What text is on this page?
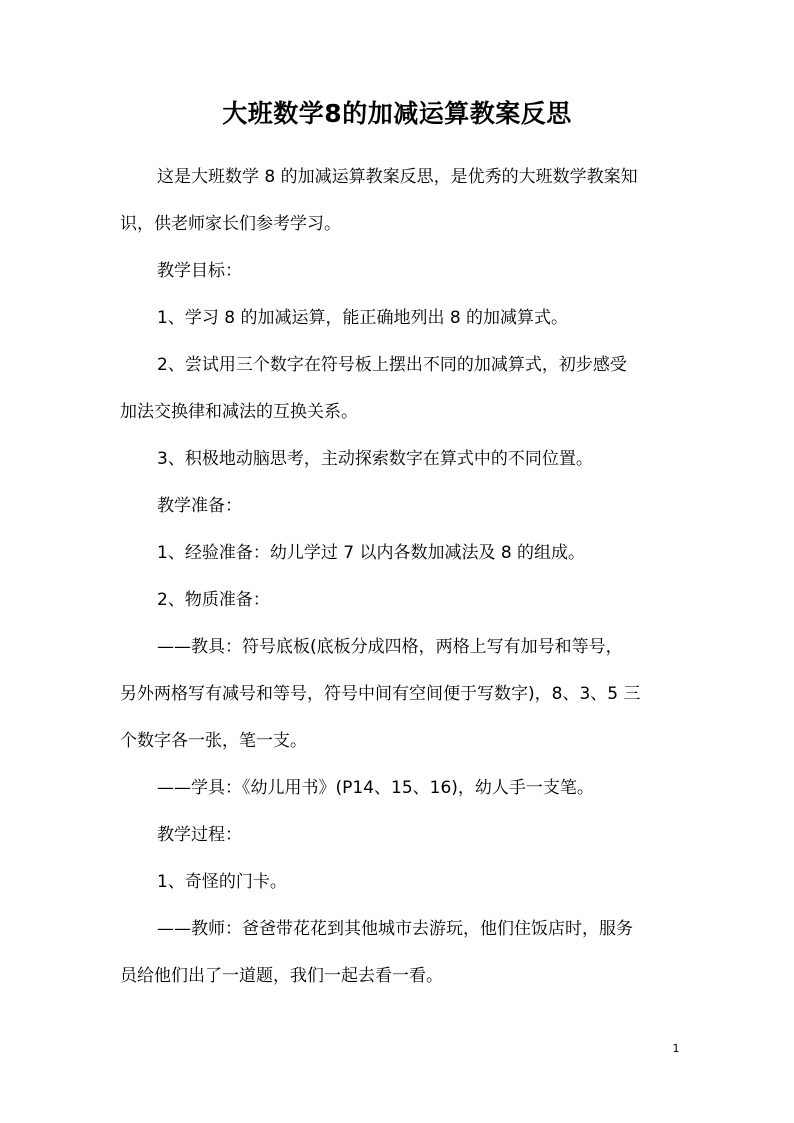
大班数学8的加减运算教案反思

这是大班数学 8 的加减运算教案反思，是优秀的大班数学教案知
识，供老师家长们参考学习。

教学目标：

1、学习 8 的加减运算，能正确地列出 8 的加减算式。

2、尝试用三个数字在符号板上摆出不同的加减算式，初步感受
加法交换律和减法的互换关系。

3、积极地动脑思考，主动探索数字在算式中的不同位置。

教学准备：

1、经验准备：幼儿学过 7 以内各数加减法及 8 的组成。

2、物质准备：

——教具：符号底板(底板分成四格，两格上写有加号和等号，
另外两格写有减号和等号，符号中间有空间便于写数字)，8、3、5 三
个数字各一张，笔一支。

——学具：《幼儿用书》(P14、15、16)，幼人手一支笔。

教学过程：

1、奇怪的门卡。

——教师：爸爸带花花到其他城市去游玩，他们住饭店时，服务
员给他们出了一道题，我们一起去看一看。

1
